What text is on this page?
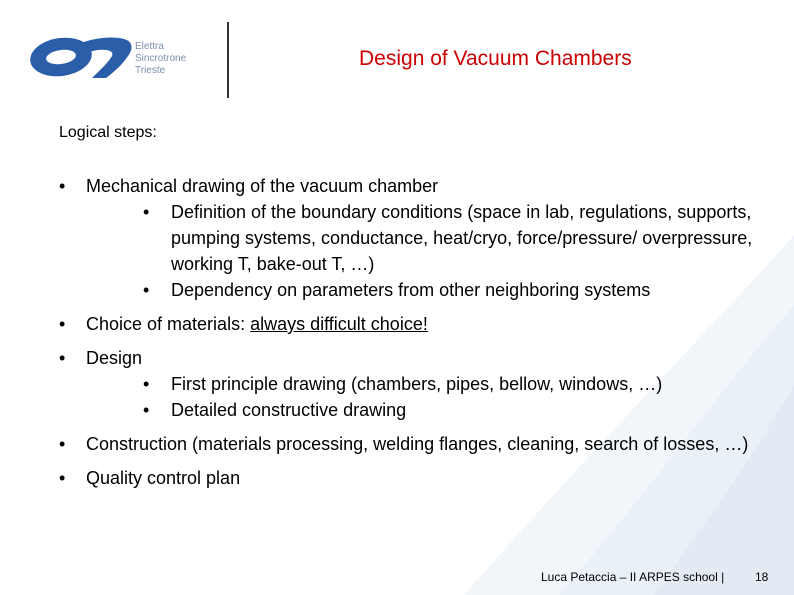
Elettra
Sincrotrone
Trieste
Design of Vacuum Chambers
Logical steps:
• Mechanical drawing of the vacuum chamber
• Definition of the boundary conditions (space in lab, regulations, supports, pumping systems, conductance, heat/cryo, force/pressure/ overpressure, working T, bake-out T, …)
• Dependency on parameters from other neighboring systems
• Choice of materials: always difficult choice!
• Design
• First principle drawing (chambers, pipes, bellow, windows, …)
• Detailed constructive drawing
• Construction (materials processing, welding flanges, cleaning, search of losses, …)
• Quality control plan
Luca Petaccia – II ARPES school |	18
